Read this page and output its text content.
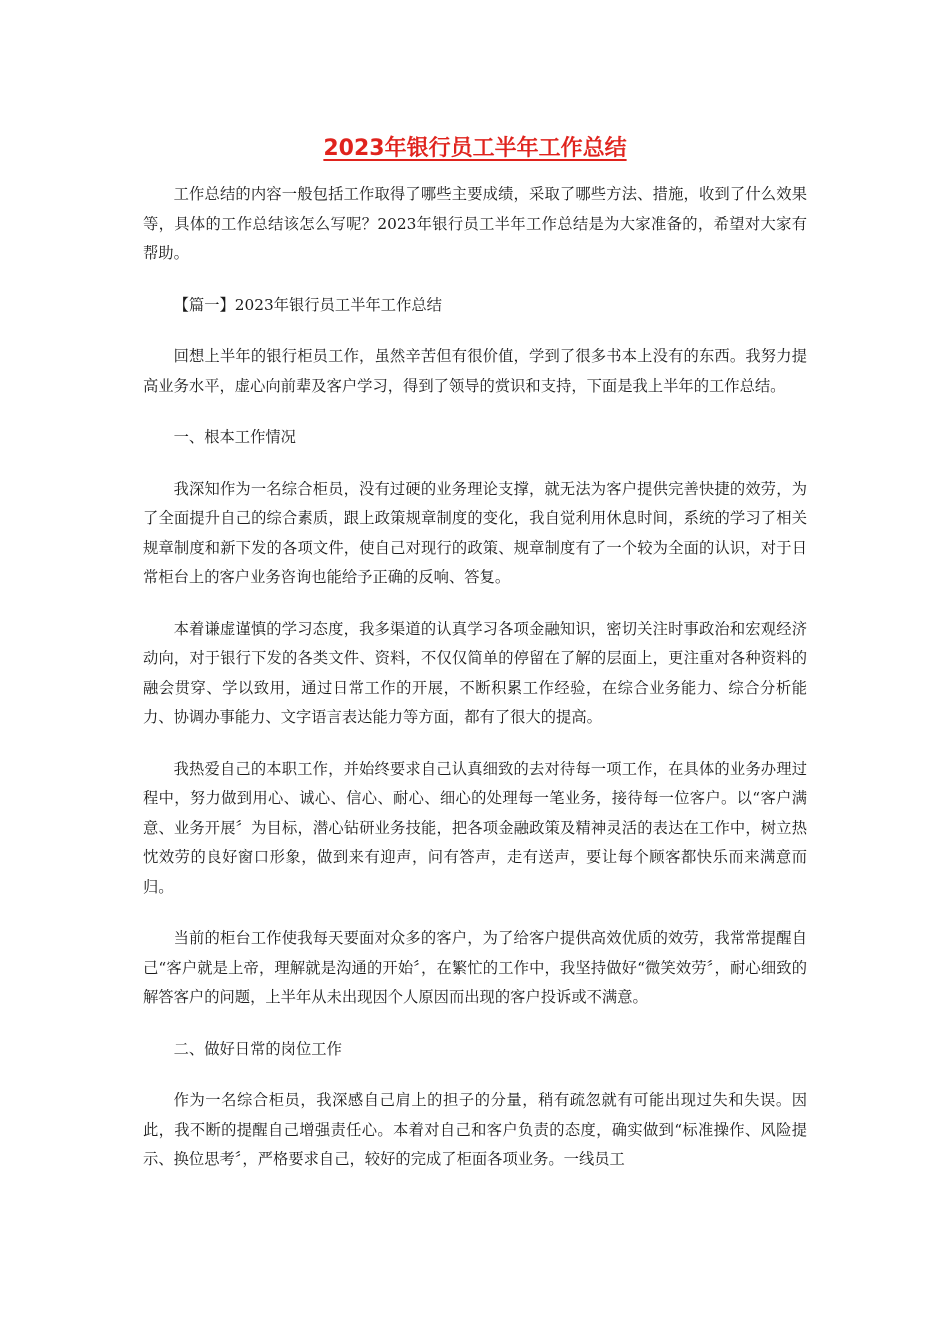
2023年银行员工半年工作总结

工作总结的内容一般包括工作取得了哪些主要成绩，采取了哪些方法、措施，收到了什么效果等，具体的工作总结该怎么写呢？2023年银行员工半年工作总结是为大家准备的，希望对大家有帮助。

【篇一】2023年银行员工半年工作总结

回想上半年的银行柜员工作，虽然辛苦但有很价值，学到了很多书本上没有的东西。我努力提高业务水平，虚心向前辈及客户学习，得到了领导的赏识和支持，下面是我上半年的工作总结。

一、根本工作情况

我深知作为一名综合柜员，没有过硬的业务理论支撑，就无法为客户提供完善快捷的效劳，为了全面提升自己的综合素质，跟上政策规章制度的变化，我自觉利用休息时间，系统的学习了相关规章制度和新下发的各项文件，使自己对现行的政策、规章制度有了一个较为全面的认识，对于日常柜台上的客户业务咨询也能给予正确的反响、答复。

本着谦虚谨慎的学习态度，我多渠道的认真学习各项金融知识，密切关注时事政治和宏观经济动向，对于银行下发的各类文件、资料，不仅仅简单的停留在了解的层面上，更注重对各种资料的融会贯穿、学以致用，通过日常工作的开展，不断积累工作经验，在综合业务能力、综合分析能力、协调办事能力、文字语言表达能力等方面，都有了很大的提高。

我热爱自己的本职工作，并始终要求自己认真细致的去对待每一项工作，在具体的业务办理过程中，努力做到用心、诚心、信心、耐心、细心的处理每一笔业务，接待每一位客户。以“客户满意、业务开展〞为目标，潜心钻研业务技能，把各项金融政策及精神灵活的表达在工作中，树立热忱效劳的良好窗口形象，做到来有迎声，问有答声，走有送声，要让每个顾客都快乐而来满意而归。

当前的柜台工作使我每天要面对众多的客户，为了给客户提供高效优质的效劳，我常常提醒自己“客户就是上帝，理解就是沟通的开始〞，在繁忙的工作中，我坚持做好“微笑效劳〞，耐心细致的解答客户的问题，上半年从未出现因个人原因而出现的客户投诉或不满意。

二、做好日常的岗位工作

作为一名综合柜员，我深感自己肩上的担子的分量，稍有疏忽就有可能出现过失和失误。因此，我不断的提醒自己增强责任心。本着对自己和客户负责的态度，确实做到“标准操作、风险提示、换位思考〞，严格要求自己，较好的完成了柜面各项业务。一线员工
